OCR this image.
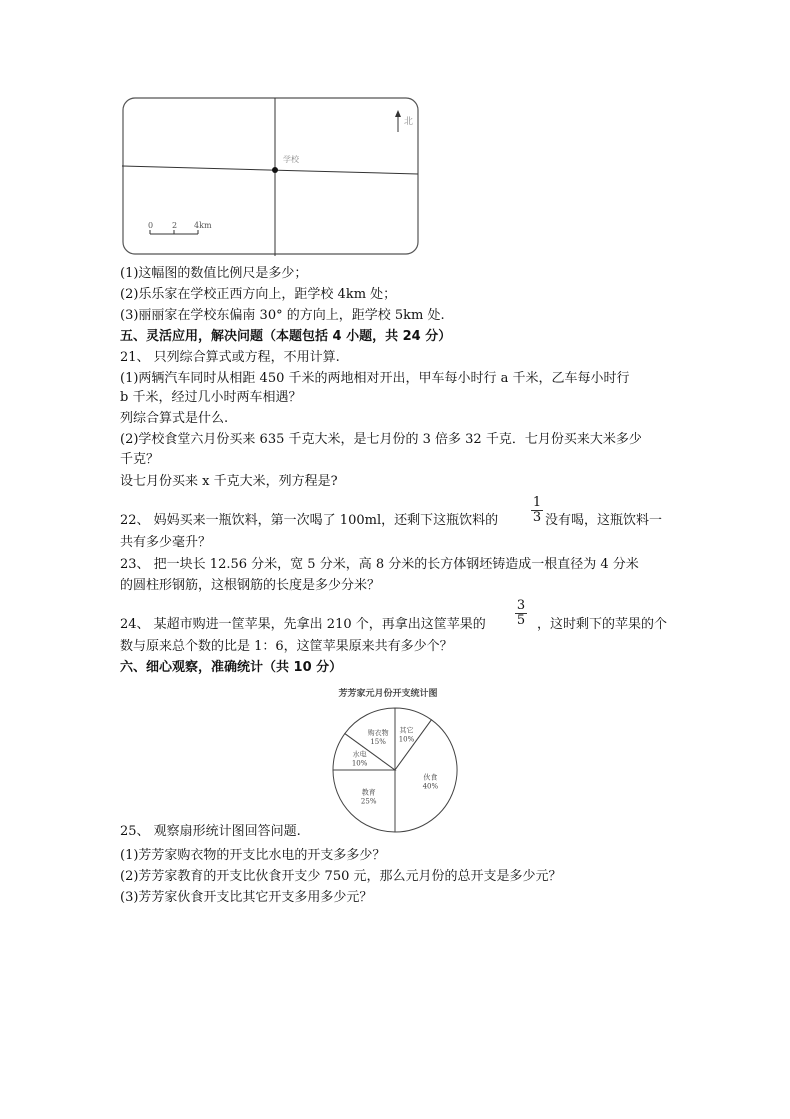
学校
北
0 2 4km
(1)这幅图的数值比例尺是多少；
(2)乐乐家在学校正西方向上，距学校 4km 处；
(3)丽丽家在学校东偏南 30° 的方向上，距学校 5km 处.
五、灵活应用，解决问题（本题包括 4 小题，共 24 分）
21、 只列综合算式或方程，不用计算.
(1)两辆汽车同时从相距 450 千米的两地相对开出，甲车每小时行 a 千米，乙车每小时行
b 千米，经过几小时两车相遇？
列综合算式是什么.
(2)学校食堂六月份买来 635 千克大米，是七月份的 3 倍多 32 千克．七月份买来大米多少
千克？
设七月份买来 x 千克大米，列方程是?
22、 妈妈买来一瓶饮料，第一次喝了 100ml，还剩下这瓶饮料的	$\frac{1}{3}$ 没有喝，这瓶饮料一
共有多少毫升？
23、 把一块长 12.56 分米，宽 5 分米，高 8 分米的长方体钢坯铸造成一根直径为 4 分米
的圆柱形钢筋，这根钢筋的长度是多少分米？
24、 某超市购进一筐苹果，先拿出 210 个，再拿出这筐苹果的 $\frac{3}{5}$ ，这时剩下的苹果的个
数与原来总个数的比是 1：6，这筐苹果原来共有多少个？
六、细心观察，准确统计（共 10 分）
芳芳家元月份开支统计图
其它
10%
伙食
40%
教育
25%
水电
10%
购衣物
15%
25、 观察扇形统计图回答问题.
(1)芳芳家购衣物的开支比水电的开支多多少？
(2)芳芳家教育的开支比伙食开支少 750 元，那么元月份的总开支是多少元？
(3)芳芳家伙食开支比其它开支多用多少元？
